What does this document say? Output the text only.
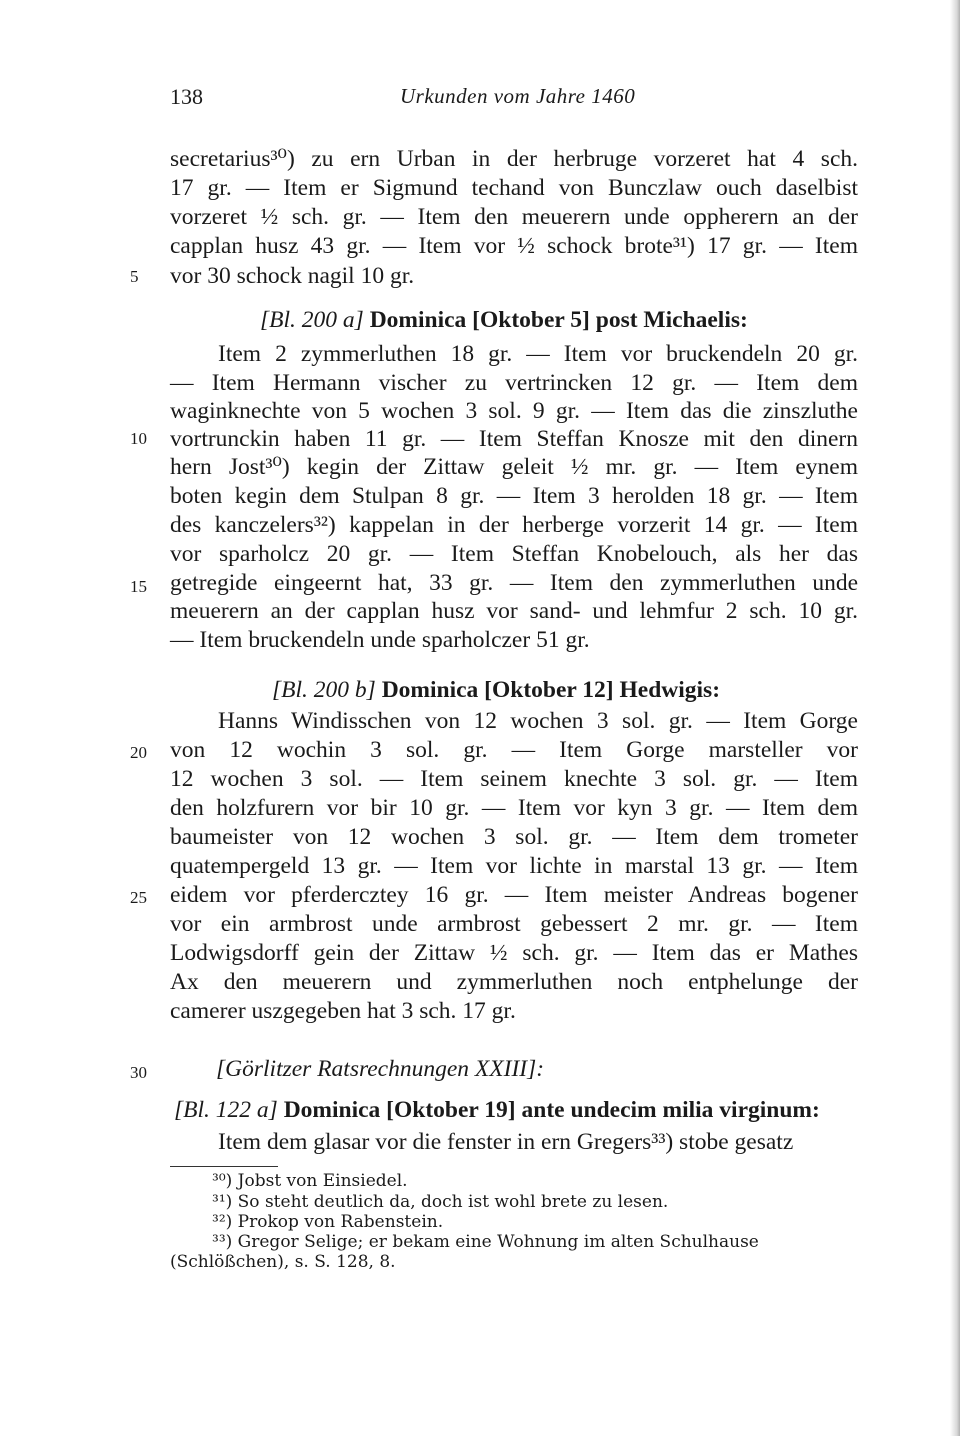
138	Urkunden vom Jahre 1460
5
10
15
20
25
30
secretarius³⁰) zu ern Urban in der herbruge vorzeret hat 4 sch.
17 gr. — Item er Sigmund techand von Bunczlaw ouch daselbist
vorzeret ½ sch. gr. — Item den meuerern unde oppherern an der
capplan husz 43 gr. — Item vor ½ schock brote³¹) 17 gr. — Item
vor 30 schock nagil 10 gr.
[Bl. 200 a] Dominica [Oktober 5] post Michaelis:
Item 2 zymmerluthen 18 gr. — Item vor bruckendeln 20 gr.
— Item Hermann vischer zu vertrincken 12 gr. — Item dem
waginknechte von 5 wochen 3 sol. 9 gr. — Item das die zinszluthe
vortrunckin haben 11 gr. — Item Steffan Knosze mit den dinern
hern Jost³⁰) kegin der Zittaw geleit ½ mr. gr. — Item eynem
boten kegin dem Stulpan 8 gr. — Item 3 herolden 18 gr. — Item
des kanczelers³²) kappelan in der herberge vorzerit 14 gr. — Item
vor sparholcz 20 gr. — Item Steffan Knobelouch, als her das
getregide eingeernt hat, 33 gr. — Item den zymmerluthen unde
meuerern an der capplan husz vor sand- und lehmfur 2 sch. 10 gr.
— Item bruckendeln unde sparholczer 51 gr.
[Bl. 200 b] Dominica [Oktober 12] Hedwigis:
Hanns Windisschen von 12 wochen 3 sol. gr. — Item Gorge
von 12 wochin 3 sol. gr. — Item Gorge marsteller vor
12 wochen 3 sol. — Item seinem knechte 3 sol. gr. — Item
den holzfurern vor bir 10 gr. — Item vor kyn 3 gr. — Item dem
baumeister von 12 wochen 3 sol. gr. — Item dem trometer
quatempergeld 13 gr. — Item vor lichte in marstal 13 gr. — Item
eidem vor pferdercztey 16 gr. — Item meister Andreas bogener
vor ein armbrost unde armbrost gebessert 2 mr. gr. — Item
Lodwigsdorff gein der Zittaw ½ sch. gr. — Item das er Mathes
Ax den meuerern und zymmerluthen noch entphelunge der
camerer uszgegeben hat 3 sch. 17 gr.
[Görlitzer Ratsrechnungen XXIII]:
[Bl. 122 a] Dominica [Oktober 19] ante undecim milia virginum:
Item dem glasar vor die fenster in ern Gregers³³) stobe gesatz
³⁰) Jobst von Einsiedel.
³¹) So steht deutlich da, doch ist wohl brete zu lesen.
³²) Prokop von Rabenstein.
³³) Gregor Selige; er bekam eine Wohnung im alten Schulhause
(Schlößchen), s. S. 128, 8.
